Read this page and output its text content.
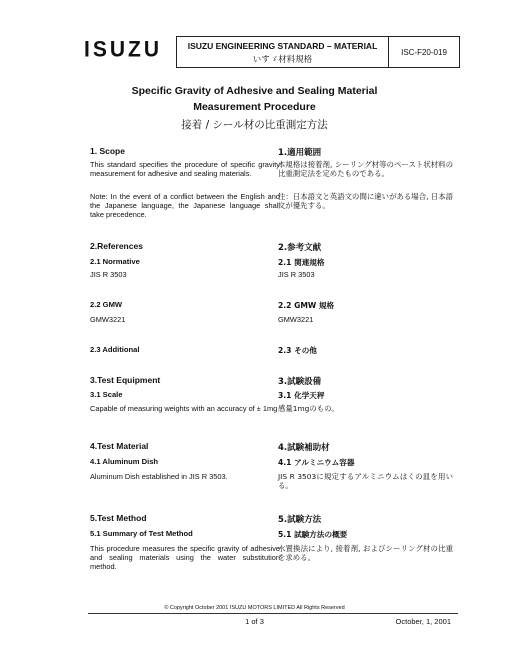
ISUZU	ISUZU ENGINEERING STANDARD – MATERIAL
いすゞ材料規格
ISC-F20-019
Specific Gravity of Adhesive and Sealing Material
Measurement Procedure
接着 / シール材の比重測定方法
1. Scope
This standard specifies the procedure of specific gravity measurement for adhesive and sealing materials.
Note: In the event of a conflict between the English and the Japanese language, the Japanese language shall take precedence.
1.適用範囲
本規格は接着剤, シーリング材等のペースト状材料の比重測定法を定めたものである。
注：日本語文と英語文の間に違いがある場合, 日本語文が優先する。
2.References	2.参考文献
2.1 Normative	2.1 関連規格
JIS R 3503	JIS R 3503
2.2 GMW	2.2 GMW 規格
GMW3221	GMW3221
2.3 Additional	2.3 その他
3.Test Equipment	3.試験設備
3.1 Scale	3.1 化学天秤
Capable of measuring weights with an accuracy of ± 1mg 感量1mgのもの。
4.Test Material	4.試験補助材
4.1 Aluminum Dish	4.1 アルミニウム容器
Aluminum Dish established in JIS R 3503.	JIS R 3503に規定するアルミニウムはくの皿を用いる。
5.Test Method	5.試験方法
5.1 Summary of Test Method	5.1 試験方法の概要
This procedure measures the specific gravity of adhesive and sealing materials using the water substitution method.
水置換法により, 接着剤, およびシーリング材の比重を求める。
© Copyright October 2001 ISUZU MOTORS LIMITED All Rights Reserved
1 of 3	October, 1, 2001
